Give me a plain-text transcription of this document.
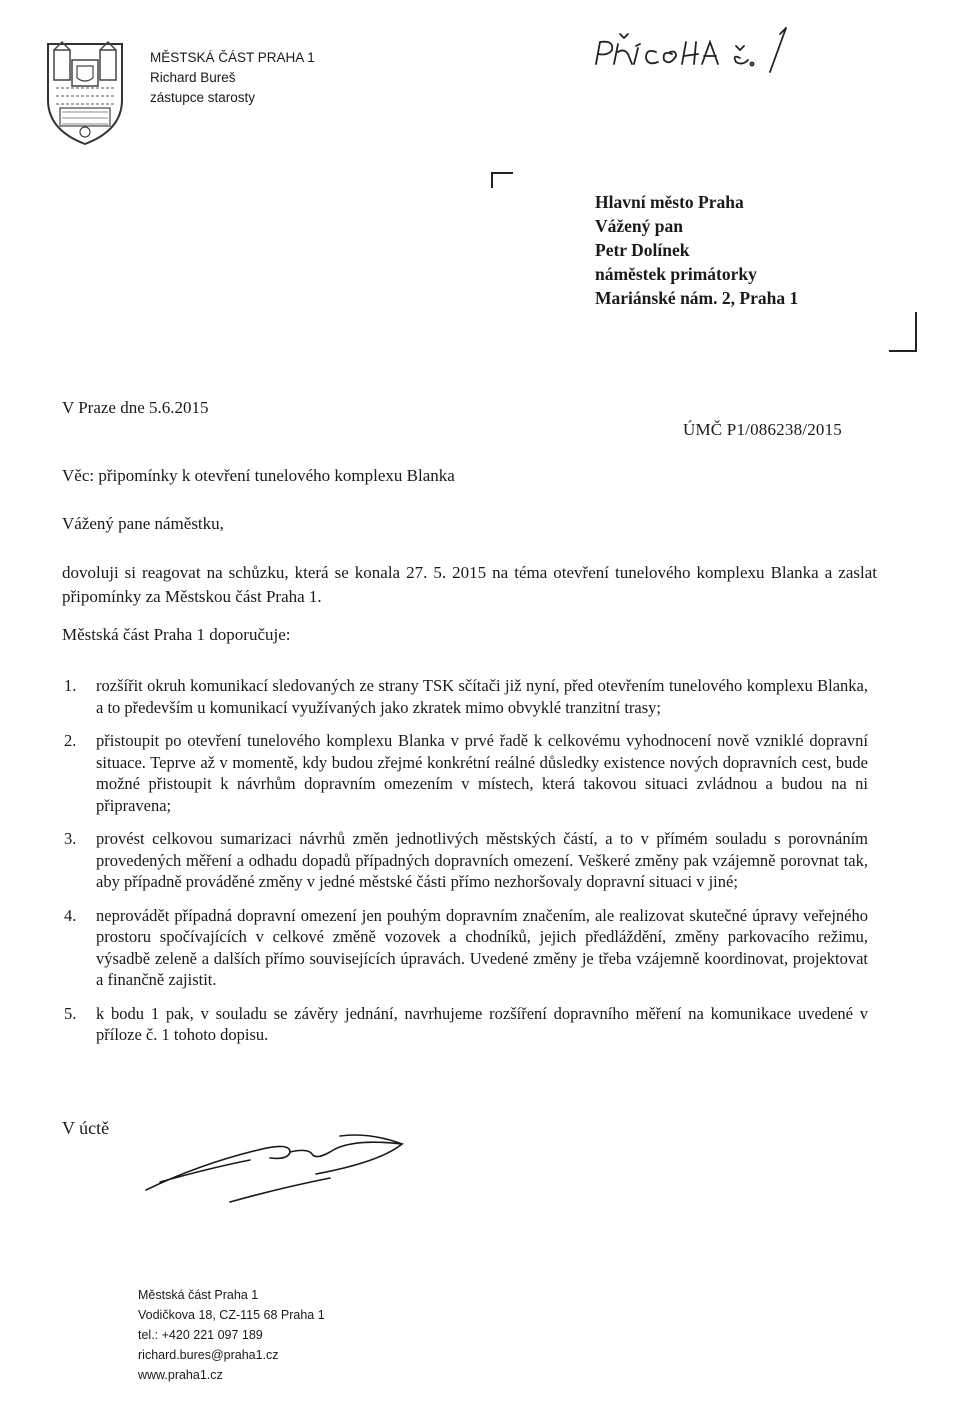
MĚSTSKÁ ČÁST PRAHA 1
Richard Bureš
zástupce starosty
Hlavní město Praha
Vážený pan
Petr Dolínek
náměstek primátorky
Mariánské nám. 2, Praha 1
V Praze dne 5.6.2015
ÚMČ P1/086238/2015
Věc: připomínky k otevření tunelového komplexu Blanka
Vážený pane náměstku,
dovoluji si reagovat na schůzku, která se konala 27. 5. 2015 na téma otevření tunelového komplexu Blanka a zaslat připomínky za Městskou část Praha 1.
Městská část Praha 1 doporučuje:
1. rozšířit okruh komunikací sledovaných ze strany TSK sčítači již nyní, před otevřením tunelového komplexu Blanka, a to především u komunikací využívaných jako zkratek mimo obvyklé tranzitní trasy;
2. přistoupit po otevření tunelového komplexu Blanka v prvé řadě k celkovému vyhodnocení nově vzniklé dopravní situace. Teprve až v momentě, kdy budou zřejmé konkrétní reálné důsledky existence nových dopravních cest, bude možné přistoupit k návrhům dopravním omezením v místech, která takovou situaci zvládnou a budou na ni připravena;
3. provést celkovou sumarizaci návrhů změn jednotlivých městských částí, a to v přímém souladu s porovnáním provedených měření a odhadu dopadů případných dopravních omezení. Veškeré změny pak vzájemně porovnat tak, aby případně prováděné změny v jedné městské části přímo nezhoršovaly dopravní situaci v jiné;
4. neprovádět případná dopravní omezení jen pouhým dopravním značením, ale realizovat skutečné úpravy veřejného prostoru spočívajících v celkové změně vozovek a chodníků, jejich předláždění, změny parkovacího režimu, výsadbě zeleně a dalších přímo souvisejících úpravách. Uvedené změny je třeba vzájemně koordinovat, projektovat a finančně zajistit.
5. k bodu 1 pak, v souladu se závěry jednání, navrhujeme rozšíření dopravního měření na komunikace uvedené v příloze č. 1 tohoto dopisu.
V úctě
Městská část Praha 1
Vodičkova 18, CZ-115 68 Praha 1
tel.: +420 221 097 189
richard.bures@praha1.cz
www.praha1.cz
